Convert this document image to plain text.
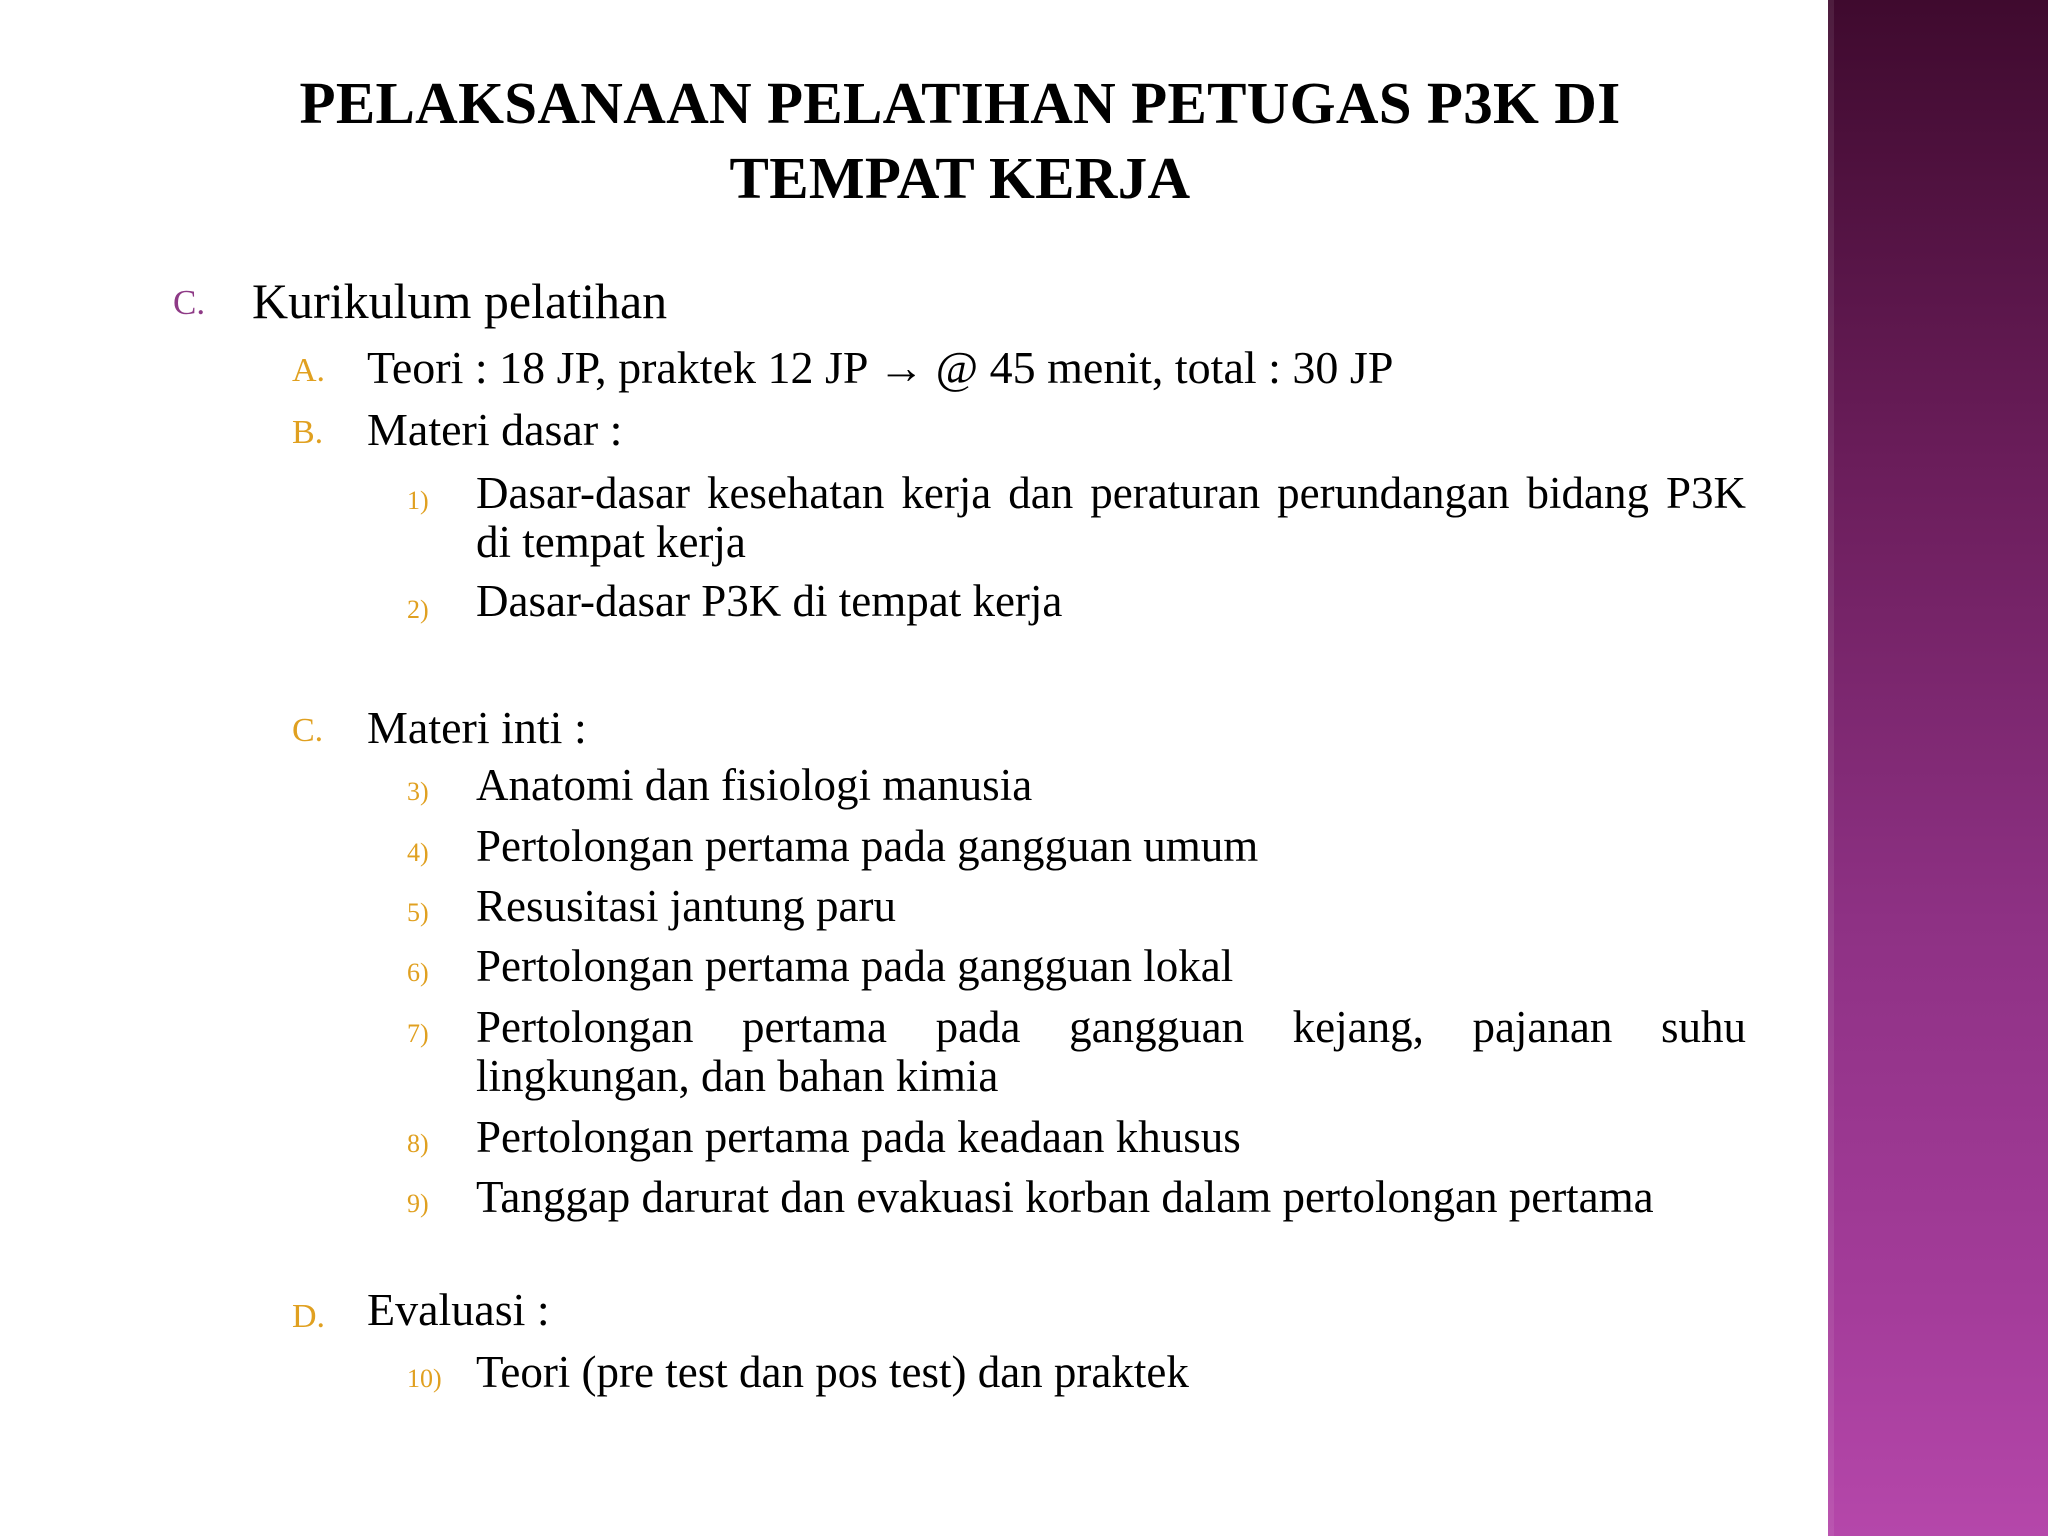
PELAKSANAAN PELATIHAN PETUGAS P3K DI
TEMPAT KERJA
C. Kurikulum pelatihan
A. Teori : 18 JP, praktek 12 JP → @ 45 menit, total : 30 JP
B. Materi dasar :
1) Dasar-dasar kesehatan kerja dan peraturan perundangan bidang P3K di tempat kerja
2) Dasar-dasar P3K di tempat kerja
C. Materi inti :
3) Anatomi dan fisiologi manusia
4) Pertolongan pertama pada gangguan umum
5) Resusitasi jantung paru
6) Pertolongan pertama pada gangguan lokal
7) Pertolongan pertama pada gangguan kejang, pajanan suhu lingkungan, dan bahan kimia
8) Pertolongan pertama pada keadaan khusus
9) Tanggap darurat dan evakuasi korban dalam pertolongan pertama
D. Evaluasi :
10) Teori (pre test dan pos test) dan praktek
